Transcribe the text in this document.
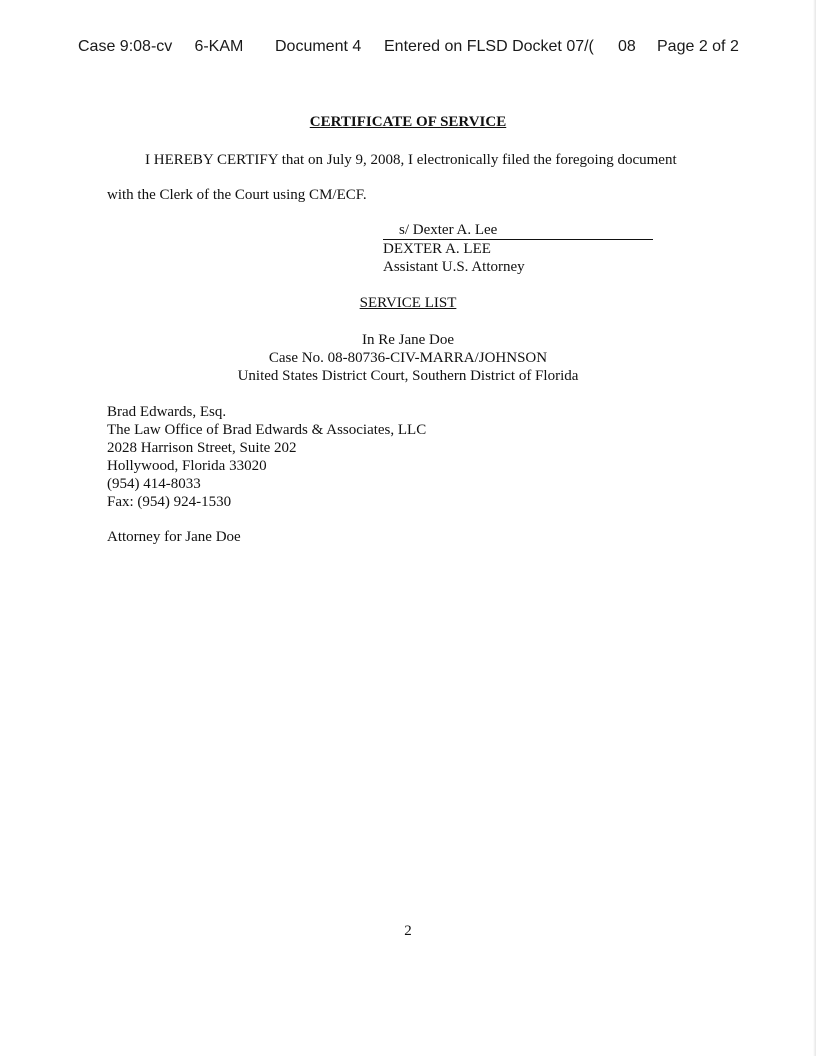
Case 9:08-cv 6-KAM Document 4 Entered on FLSD Docket 07/( 08 Page 2 of 2
CERTIFICATE OF SERVICE
I HEREBY CERTIFY that on July 9, 2008, I electronically filed the foregoing document
with the Clerk of the Court using CM/ECF.
s/ Dexter A. Lee
DEXTER A. LEE
Assistant U.S. Attorney
SERVICE LIST
In Re Jane Doe
Case No. 08-80736-CIV-MARRA/JOHNSON
United States District Court, Southern District of Florida
Brad Edwards, Esq.
The Law Office of Brad Edwards & Associates, LLC
2028 Harrison Street, Suite 202
Hollywood, Florida 33020
(954) 414-8033
Fax: (954) 924-1530
Attorney for Jane Doe
2
